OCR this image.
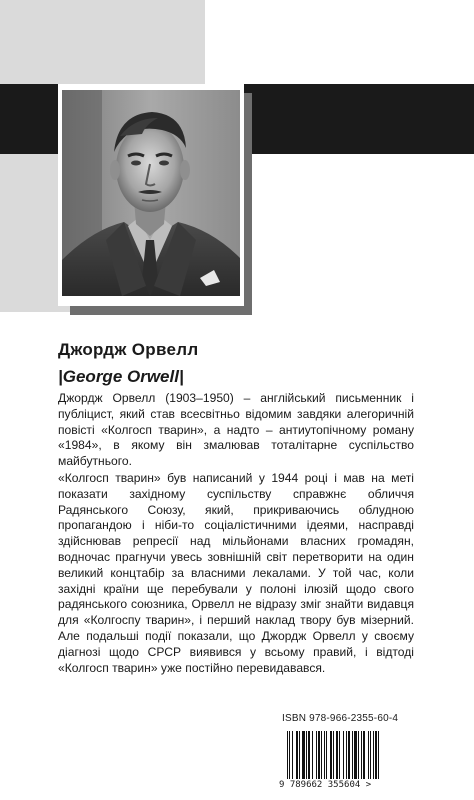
Джордж Орвелл
|George Orwell|

Джордж Орвелл (1903–1950) – англійський письменник і публіцист, який став всесвітньо відомим завдяки алегоричній повісті «Колгосп тварин», а надто – антиутопічному роману «1984», в якому він змалював тоталітарне суспільство майбутнього.

«Колгосп тварин» був написаний у 1944 році і мав на меті показати західному суспільству справжнє обличчя Радянського Союзу, який, прикриваючись облудною пропагандою і ніби-то соціалістичними ідеями, насправді здійснював репресії над мільйонами власних громадян, водночас прагнучи увесь зовнішній світ перетворити на один великий концтабір за власними лекалами. У той час, коли західні країни ще перебували у полоні ілюзій щодо свого радянського союзника, Орвелл не відразу зміг знайти видавця для «Колгоспу тварин», і перший наклад твору був мізерний. Але подальші події показали, що Джордж Орвелл у своєму діагнозі щодо СРСР виявився у всьому правий, і відтоді «Колгосп тварин» уже постійно перевидавався.

ISBN 978-966-2355-60-4
9 789662 355604 >
